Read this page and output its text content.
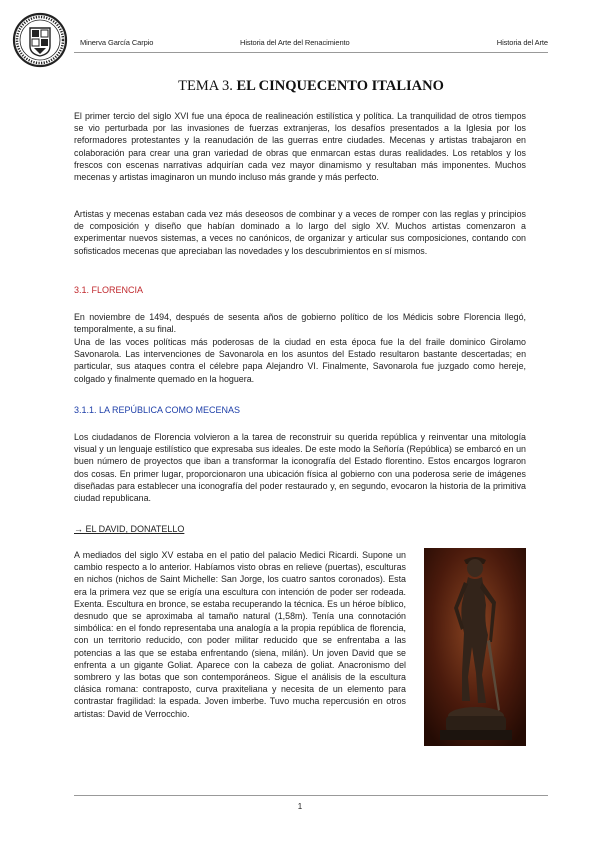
Minerva García Carpio	Historia del Arte del Renacimiento	Historia del Arte
TEMA 3. EL CINQUECENTO ITALIANO

El primer tercio del siglo XVI fue una época de realineación estilística y política. La tranquilidad de otros tiempos se vio perturbada por las invasiones de fuerzas extranjeras, los desafíos presentados a la Iglesia por los reformadores protestantes y la reanudación de las guerras entre ciudades. Mecenas y artistas trabajaron en colaboración para crear una gran variedad de obras que enmarcan estas duras realidades. Los retablos y los frescos con escenas narrativas adquirían cada vez mayor dinamismo y resultaban más imponentes. Muchos mecenas y artistas imaginaron un mundo incluso más grande y más perfecto.

Artistas y mecenas estaban cada vez más deseosos de combinar y a veces de romper con las reglas y principios de composición y diseño que habían dominado a lo largo del siglo XV. Muchos artistas comenzaron a experimentar nuevos sistemas, a veces no canónicos, de organizar y articular sus composiciones, contando con sofisticados mecenas que apreciaban las novedades y los descubrimientos en sí mismos.

3.1. FLORENCIA

En noviembre de 1494, después de sesenta años de gobierno político de los Médicis sobre Florencia llegó, temporalmente, a su final.

Una de las voces políticas más poderosas de la ciudad en esta época fue la del fraile dominico Girolamo Savonarola. Las intervenciones de Savonarola en los asuntos del Estado resultaron bastante descertadas; en particular, sus ataques contra el célebre papa Alejandro VI. Finalmente, Savonarola fue juzgado como hereje, colgado y finalmente quemado en la hoguera.

3.1.1. LA REPÚBLICA COMO MECENAS

Los ciudadanos de Florencia volvieron a la tarea de reconstruir su querida república y reinventar una mitología visual y un lenguaje estilístico que expresaba sus ideales. De este modo la Señoría (República) se embarcó en un buen número de proyectos que iban a transformar la iconografía del Estado florentino. Estos encargos lograron dos cosas. En primer lugar, proporcionaron una ubicación física al gobierno con una poderosa serie de imágenes diseñadas para establecer una iconografía del poder restaurado y, en segundo, evocaron la historia de la primitiva ciudad republicana.

→ EL DAVID, DONATELLO

A mediados del siglo XV estaba en el patio del palacio Medici Ricardi. Supone un cambio respecto a lo anterior. Habíamos visto obras en relieve (puertas), esculturas en nichos (nichos de Saint Michelle: San Jorge, los cuatro santos coronados). Esta era la primera vez que se erigía una escultura con intención de poder ser rodeada. Exenta. Escultura en bronce, se estaba recuperando la técnica. Es un héroe bíblico, desnudo que se aproximaba al tamaño natural (1,58m). Tenía una connotación simbólica: en el fondo representaba una analogía a la propia república de florencia, con un territorio reducido, con poder militar reducido que se enfrentaba a las potencias a las que se estaba enfrentando (siena, milán). Un joven David que se enfrenta a un gigante Goliat. Aparece con la cabeza de goliat. Anacronismo del sombrero y las botas que son contemporáneos. Sigue el análisis de la escultura clásica romana: contraposto, curva praxiteliana y necesita de un elemento para contrastar fragilidad: la espada. Joven imberbe. Tuvo mucha repercusión en otros artistas: David de Verrocchio.

1
